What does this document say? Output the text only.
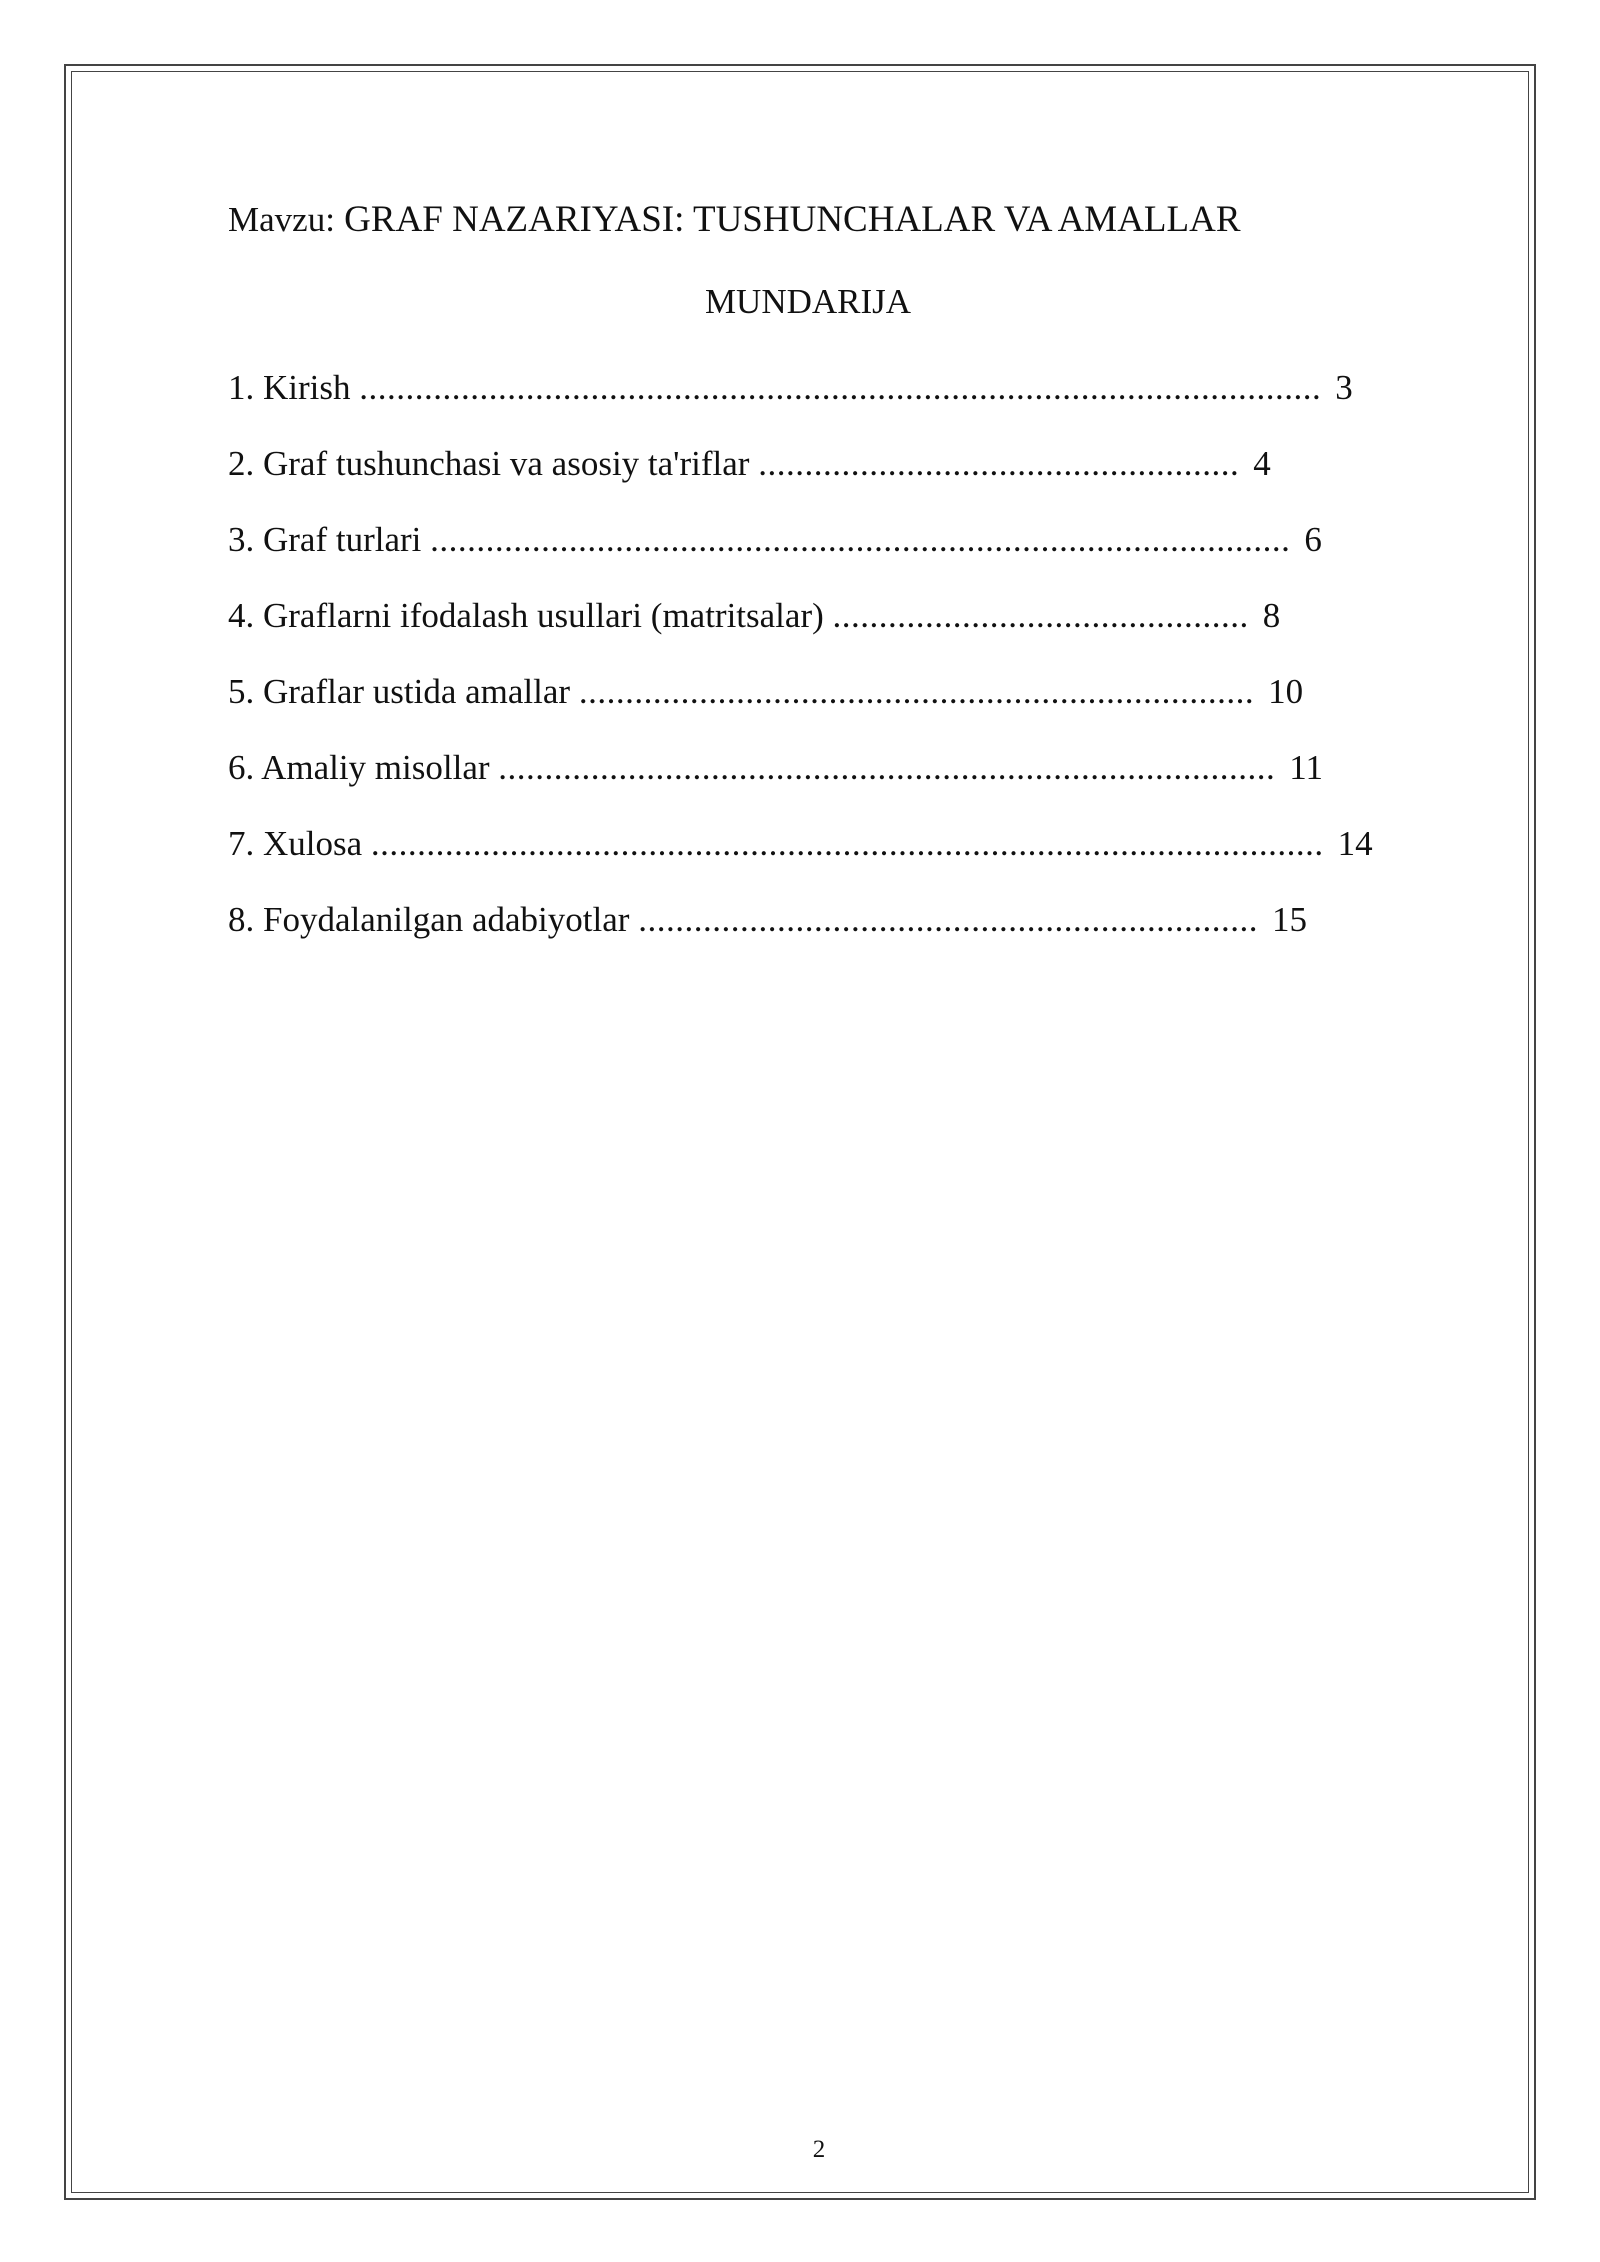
Mavzu: GRAF NAZARIYASI: TUSHUNCHALAR VA AMALLAR
MUNDARIJA
1. Kirish ........................................................................................................ 3
2. Graf tushunchasi va asosiy ta'riflar .................................................... 4
3. Graf turlari ............................................................................................. 6
4. Graflarni ifodalash usullari (matritsalar) ............................................. 8
5. Graflar ustida amallar ......................................................................... 10
6. Amaliy misollar .................................................................................... 11
7. Xulosa ....................................................................................................... 14
8. Foydalanilgan adabiyotlar ................................................................... 15
2
